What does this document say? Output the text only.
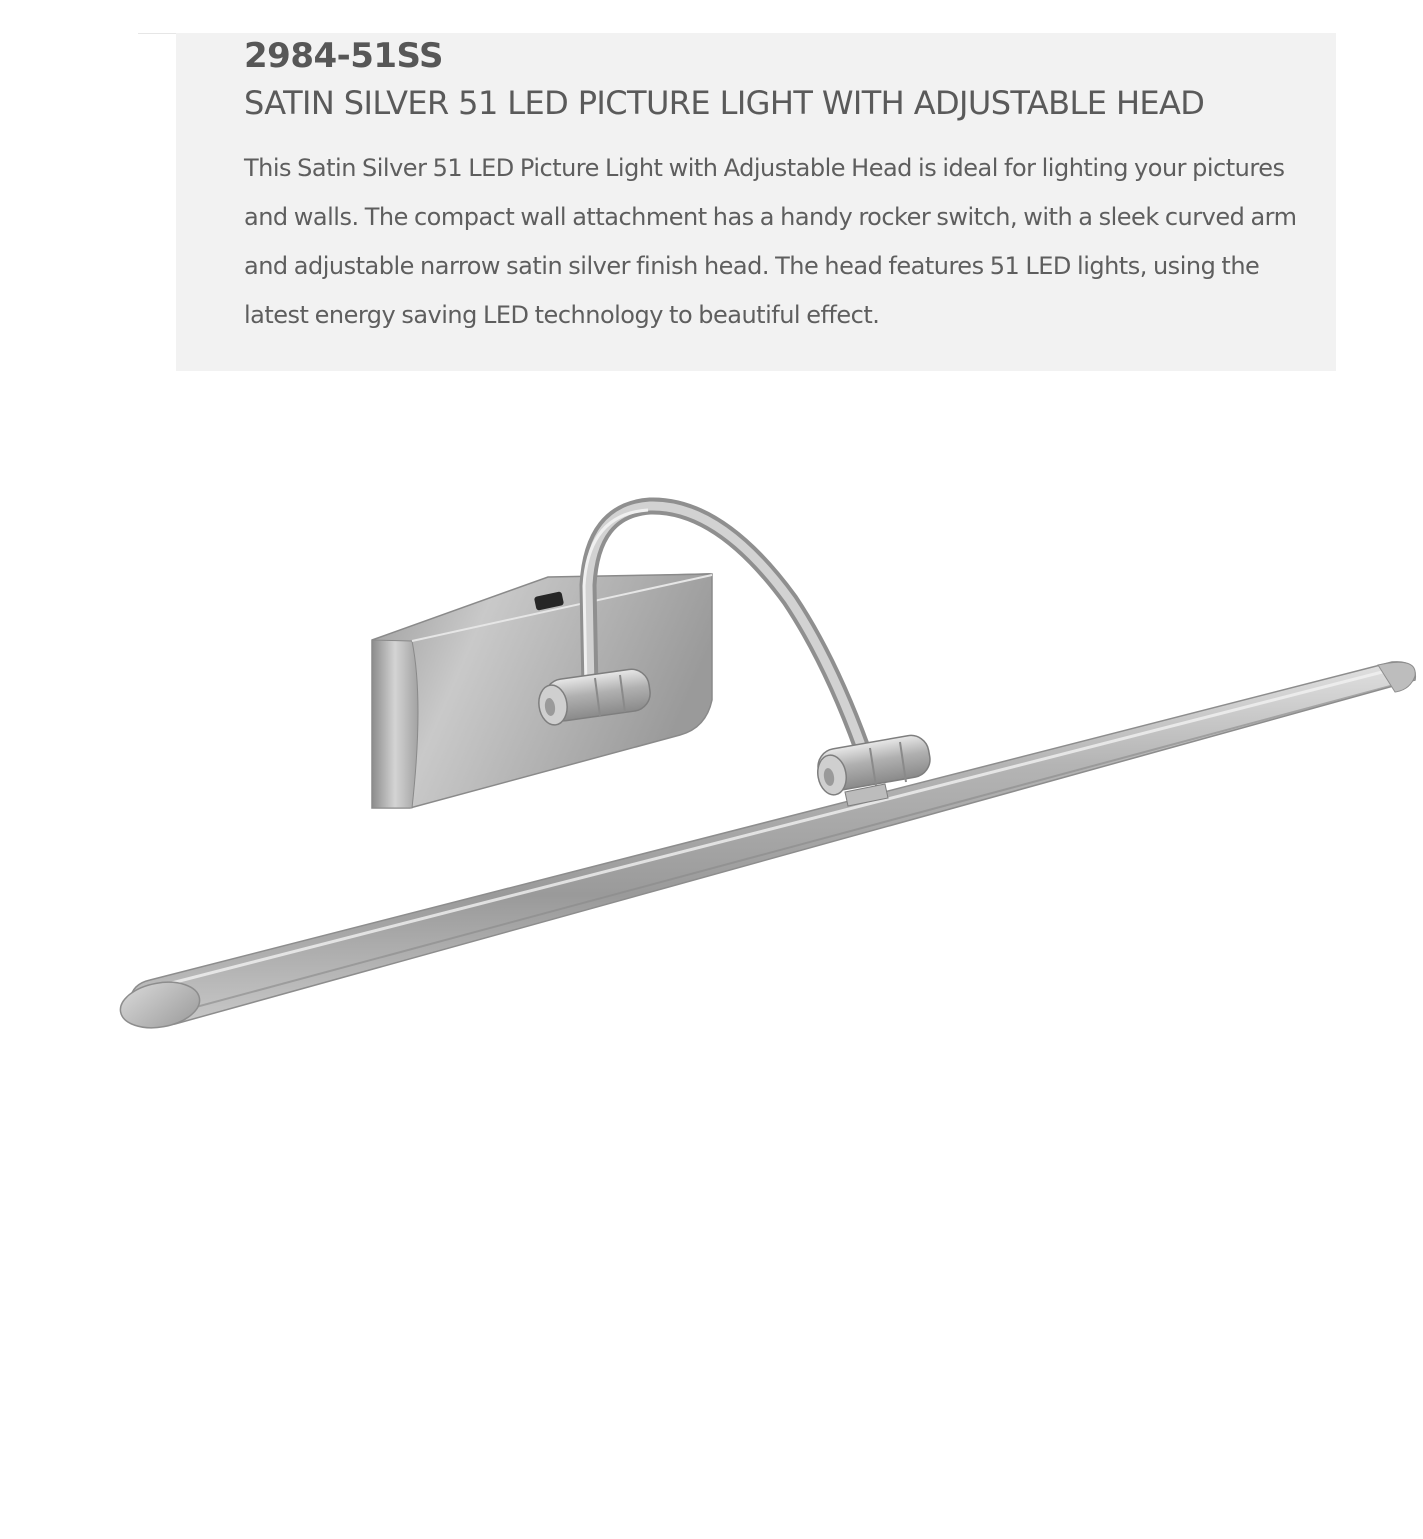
2984-51SS
SATIN SILVER 51 LED PICTURE LIGHT WITH ADJUSTABLE HEAD

This Satin Silver 51 LED Picture Light with Adjustable Head is ideal for lighting your pictures and walls. The compact wall attachment has a handy rocker switch, with a sleek curved arm and adjustable narrow satin silver finish head. The head features 51 LED lights, using the latest energy saving LED technology to beautiful effect.
